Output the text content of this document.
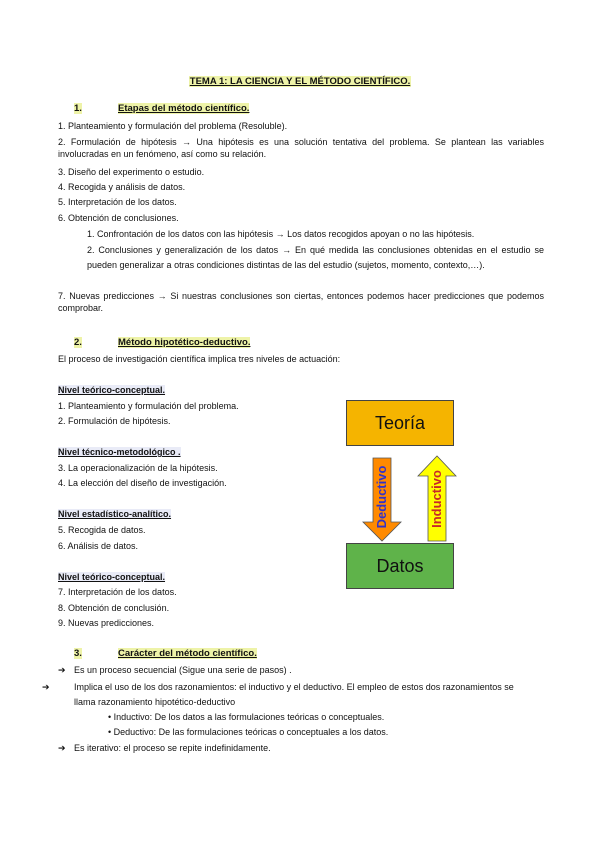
TEMA 1: LA CIENCIA Y EL MÉTODO CIENTÍFICO.
1.	Etapas del método científico.
1. Planteamiento y formulación del problema (Resoluble).
2. Formulación de hipótesis → Una hipótesis es una solución tentativa del problema. Se plantean las variables involucradas en un fenómeno, así como su relación.
3. Diseño del experimento o estudio.
4. Recogida y análisis de datos.
5. Interpretación de los datos.
6. Obtención de conclusiones.
1. Confrontación de los datos con las hipótesis → Los datos recogidos apoyan o no las hipótesis.
2. Conclusiones y generalización de los datos → En qué medida las conclusiones obtenidas en el estudio se pueden generalizar a otras condiciones distintas de las del estudio (sujetos, momento, contexto,…).
7. Nuevas predicciones → Si nuestras conclusiones son ciertas, entonces podemos hacer predicciones que podemos comprobar.
2.	Método hipotético-deductivo.
El proceso de investigación científica implica tres niveles de actuación:
Nivel teórico-conceptual.
1. Planteamiento y formulación del problema.
2. Formulación de hipótesis.
Nivel técnico-metodológico .
3. La operacionalización de la hipótesis.
4. La elección del diseño de investigación.
Nivel estadístico-analítico.
5. Recogida de datos.
6. Análisis de datos.
Nivel teórico-conceptual.
7. Interpretación de los datos.
8. Obtención de conclusión.
9. Nuevas predicciones.
Teoría
Deductivo	Inductivo
Datos
3.	Carácter del método científico.
➔ Es un proceso secuencial (Sigue una serie de pasos) .
➔	Implica el uso de los dos razonamientos: el inductivo y el deductivo. El empleo de estos dos razonamientos se llama razonamiento hipotético-deductivo
• Inductivo: De los datos a las formulaciones teóricas o conceptuales.
• Deductivo: De las formulaciones teóricas o conceptuales a los datos.
➔ Es iterativo: el proceso se repite indefinidamente.
